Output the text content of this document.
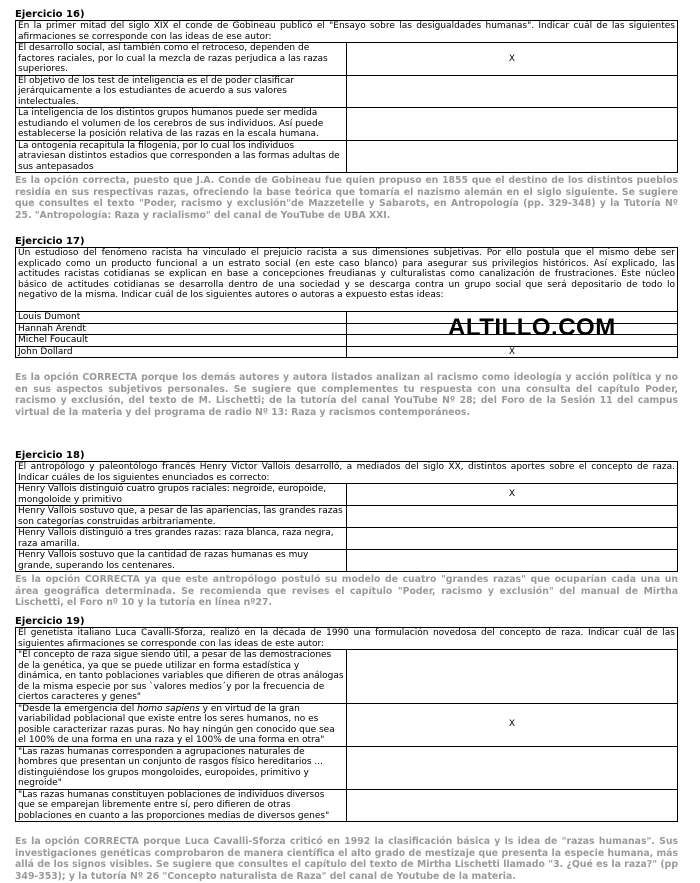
Ejercicio 16)
En la primer mitad del siglo XIX el conde de Gobineau publicó el "Ensayo sobre las desigualdades humanas". Indicar cuál de las siguientes afirmaciones se corresponde con las ideas de ese autor:	
El desarrollo social, así también como el retroceso, dependen de factores raciales, por lo cual la mezcla de razas perjudica a las razas superiores.	X
El objetivo de los test de inteligencia es el de poder clasificar jerárquicamente a los estudiantes de acuerdo a sus valores intelectuales.	
La inteligencia de los distintos grupos humanos puede ser medida estudiando el volumen de los cerebros de sus individuos. Así puede establecerse la posición relativa de las razas en la escala humana.	
La ontogenia recapitula la filogenia, por lo cual los individuos atraviesan distintos estadios que corresponden a las formas adultas de sus antepasados	
Es la opción correcta, puesto que J.A. Conde de Gobineau fue quien propuso en 1855 que el destino de los distintos pueblos residía en sus respectivas razas, ofreciendo la base teórica que tomaría el nazismo alemán en el siglo siguiente. Se sugiere que consultes el texto "Poder, racismo y exclusión"de Mazzetelle y Sabarots, en Antropología (pp. 329-348) y la Tutoría Nº 25. "Antropología: Raza y racialismo" del canal de YouTube de UBA XXI.
Ejercicio 17)
Un estudioso del fenómeno racista ha vinculado el prejuicio racista a sus dimensiones subjetivas. Por ello postula que el mismo debe ser explicado como un producto funcional a un estrato social (en este caso blanco) para asegurar sus privilegios históricos. Así explicado, las actitudes racistas cotidianas se explican en base a concepciones freudianas y culturalistas como canalización de frustraciones. Este núcleo básico de actitudes cotidianas se desarrolla dentro de una sociedad y se descarga contra un grupo social que será depositario de todo lo negativo de la misma. Indicar cuál de los siguientes autores o autoras a expuesto estas ideas:	
Louis Dumont	
Hannah Arendt	
Michel Foucault	
John Dollard	X
Es la opción CORRECTA porque los demás autores y autora listados analizan al racismo como ideología y acción política y no en sus aspectos subjetivos personales. Se sugiere que complementes tu respuesta con una consulta del capítulo Poder, racismo y exclusión, del texto de M. Lischetti; de la tutoría del canal YouTube Nº 28; del Foro de la Sesión 11 del campus virtual de la materia y del programa de radio Nº 13: Raza y racismos contemporáneos.
ALTILLO.COM
Ejercicio 18)
El antropólogo y paleontólogo francés Henry Victor Vallois desarrolló, a mediados del siglo XX, distintos aportes sobre el concepto de raza. Indicar cuáles de los siguientes enunciados es correcto:	
Henry Vallois distinguió cuatro grupos raciales: negroide, europoide, mongoloide y primitivo	X
Henry Vallois sostuvo que, a pesar de las apariencias, las grandes razas son categorías construidas arbitrariamente.	
Henry Vallois distinguió a tres grandes razas: raza blanca, raza negra, raza amarilla.	
Henry Vallois sostuvo que la cantidad de razas humanas es muy grande, superando los centenares.	
Es la opción CORRECTA ya que este antropólogo postuló su modelo de cuatro "grandes razas" que ocuparían cada una un área geográfica determinada. Se recomienda que revises el capítulo "Poder, racismo y exclusión" del manual de Mirtha Lischetti, el Foro nº 10 y la tutoría en línea nº27.
Ejercicio 19)
El genetista italiano Luca Cavalli-Sforza, realizó en la década de 1990 una formulación novedosa del concepto de raza. Indicar cuál de las siguientes afirmaciones se corresponde con las ideas de este autor:	
"El concepto de raza sigue siendo útil, a pesar de las demostraciones de la genética, ya que se puede utilizar en forma estadística y dinámica, en tanto poblaciones variables que difieren de otras análogas de la misma especie por sus `valores medios´y por la frecuencia de ciertos caracteres y genes"	
"Desde la emergencia del homo sapiens y en virtud de la gran variabilidad poblacional que existe entre los seres humanos, no es posible caracterizar razas puras. No hay ningún gen conocido que sea el 100% de una forma en una raza y el 100% de una forma en otra"	X
"Las razas humanas corresponden a agrupaciones naturales de hombres que presentan un conjunto de rasgos físico hereditarios ... distinguiéndose los grupos mongoloides, europoides, primitivo y negroide"	
"Las razas humanas constituyen poblaciones de individuos diversos que se emparejan libremente entre sí, pero difieren de otras poblaciones en cuanto a las proporciones medias de diversos genes"	
Es la opción CORRECTA porque Luca Cavalli-Sforza criticó en 1992 la clasificación básica y ls idea de "razas humanas". Sus investigaciones genéticas comprobaron de manera científica el alto grado de mestizaje que presenta la especie humana, más allá de los signos visibles. Se sugiere que consultes el capítulo del texto de Mirtha Lischetti llamado "3. ¿Qué es la raza?" (pp 349-353); y la tutoría Nº 26 "Concepto naturalista de Raza" del canal de Youtube de la materia.
